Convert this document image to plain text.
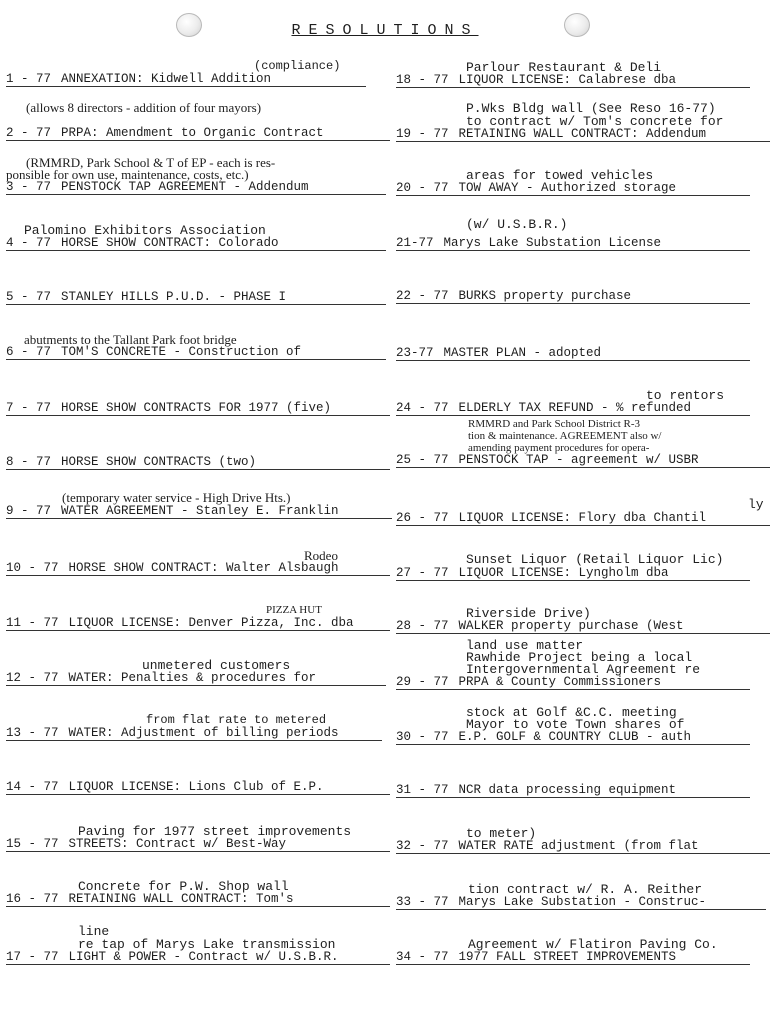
RESOLUTIONS
(compliance)
1 - 77 ANNEXATION: Kidwell Addition
(allows 8 directors - addition of four mayors)
2 - 77 PRPA: Amendment to Organic Contract
(RMMRD, Park School & T of EP - each is res-
ponsible for own use, maintenance, costs, etc.)
3 - 77 PENSTOCK TAP AGREEMENT - Addendum
Palomino Exhibitors Association
4 - 77 HORSE SHOW CONTRACT: Colorado
5 - 77 STANLEY HILLS P.U.D. - PHASE I
abutments to the Tallant Park foot bridge
6 - 77 TOM'S CONCRETE - Construction of
7 - 77 HORSE SHOW CONTRACTS FOR 1977 (five)
8 - 77 HORSE SHOW CONTRACTS (two)
(temporary water service - High Drive Hts.)
9 - 77 WATER AGREEMENT - Stanley E. Franklin
Rodeo
10 - 77 HORSE SHOW CONTRACT: Walter Alsbaugh
PIZZA HUT
11 - 77 LIQUOR LICENSE: Denver Pizza, Inc. dba
unmetered customers
12 - 77 WATER: Penalties & procedures for
from flat rate to metered
13 - 77 WATER: Adjustment of billing periods
14 - 77 LIQUOR LICENSE: Lions Club of E.P.
Paving for 1977 street improvements
15 - 77 STREETS: Contract w/ Best-Way
Concrete for P.W. Shop wall
16 - 77 RETAINING WALL CONTRACT: Tom's
line
re tap of Marys Lake transmission
17 - 77 LIGHT & POWER - Contract w/ U.S.B.R.
Parlour Restaurant & Deli
18 - 77 LIQUOR LICENSE: Calabrese dba
P.Wks Bldg wall (See Reso 16-77)
to contract w/ Tom's concrete for
19 - 77 RETAINING WALL CONTRACT: Addendum
areas for towed vehicles
20 - 77 TOW AWAY - Authorized storage
(w/ U.S.B.R.)
21-77 Marys Lake Substation License
22 - 77 BURKS property purchase
23-77 MASTER PLAN - adopted
to rentors
24 - 77 ELDERLY TAX REFUND - % refunded
RMMRD and Park School District R-3
tion & maintenance. AGREEMENT also w/
amending payment procedures for opera-
25 - 77 PENSTOCK TAP - agreement w/ USBR
ly
26 - 77 LIQUOR LICENSE: Flory dba Chantil
Sunset Liquor (Retail Liquor Lic)
27 - 77 LIQUOR LICENSE: Lyngholm dba
Riverside Drive)
28 - 77 WALKER property purchase (West
land use matter
Rawhide Project being a local
Intergovernmental Agreement re
29 - 77 PRPA & County Commissioners
stock at Golf &C.C. meeting
Mayor to vote Town shares of
30 - 77 E.P. GOLF & COUNTRY CLUB - auth
31 - 77 NCR data processing equipment
to meter)
32 - 77 WATER RATE adjustment (from flat
tion contract w/ R. A. Reither
33 - 77 Marys Lake Substation - Construc-
Agreement w/ Flatiron Paving Co.
34 - 77 1977 FALL STREET IMPROVEMENTS
